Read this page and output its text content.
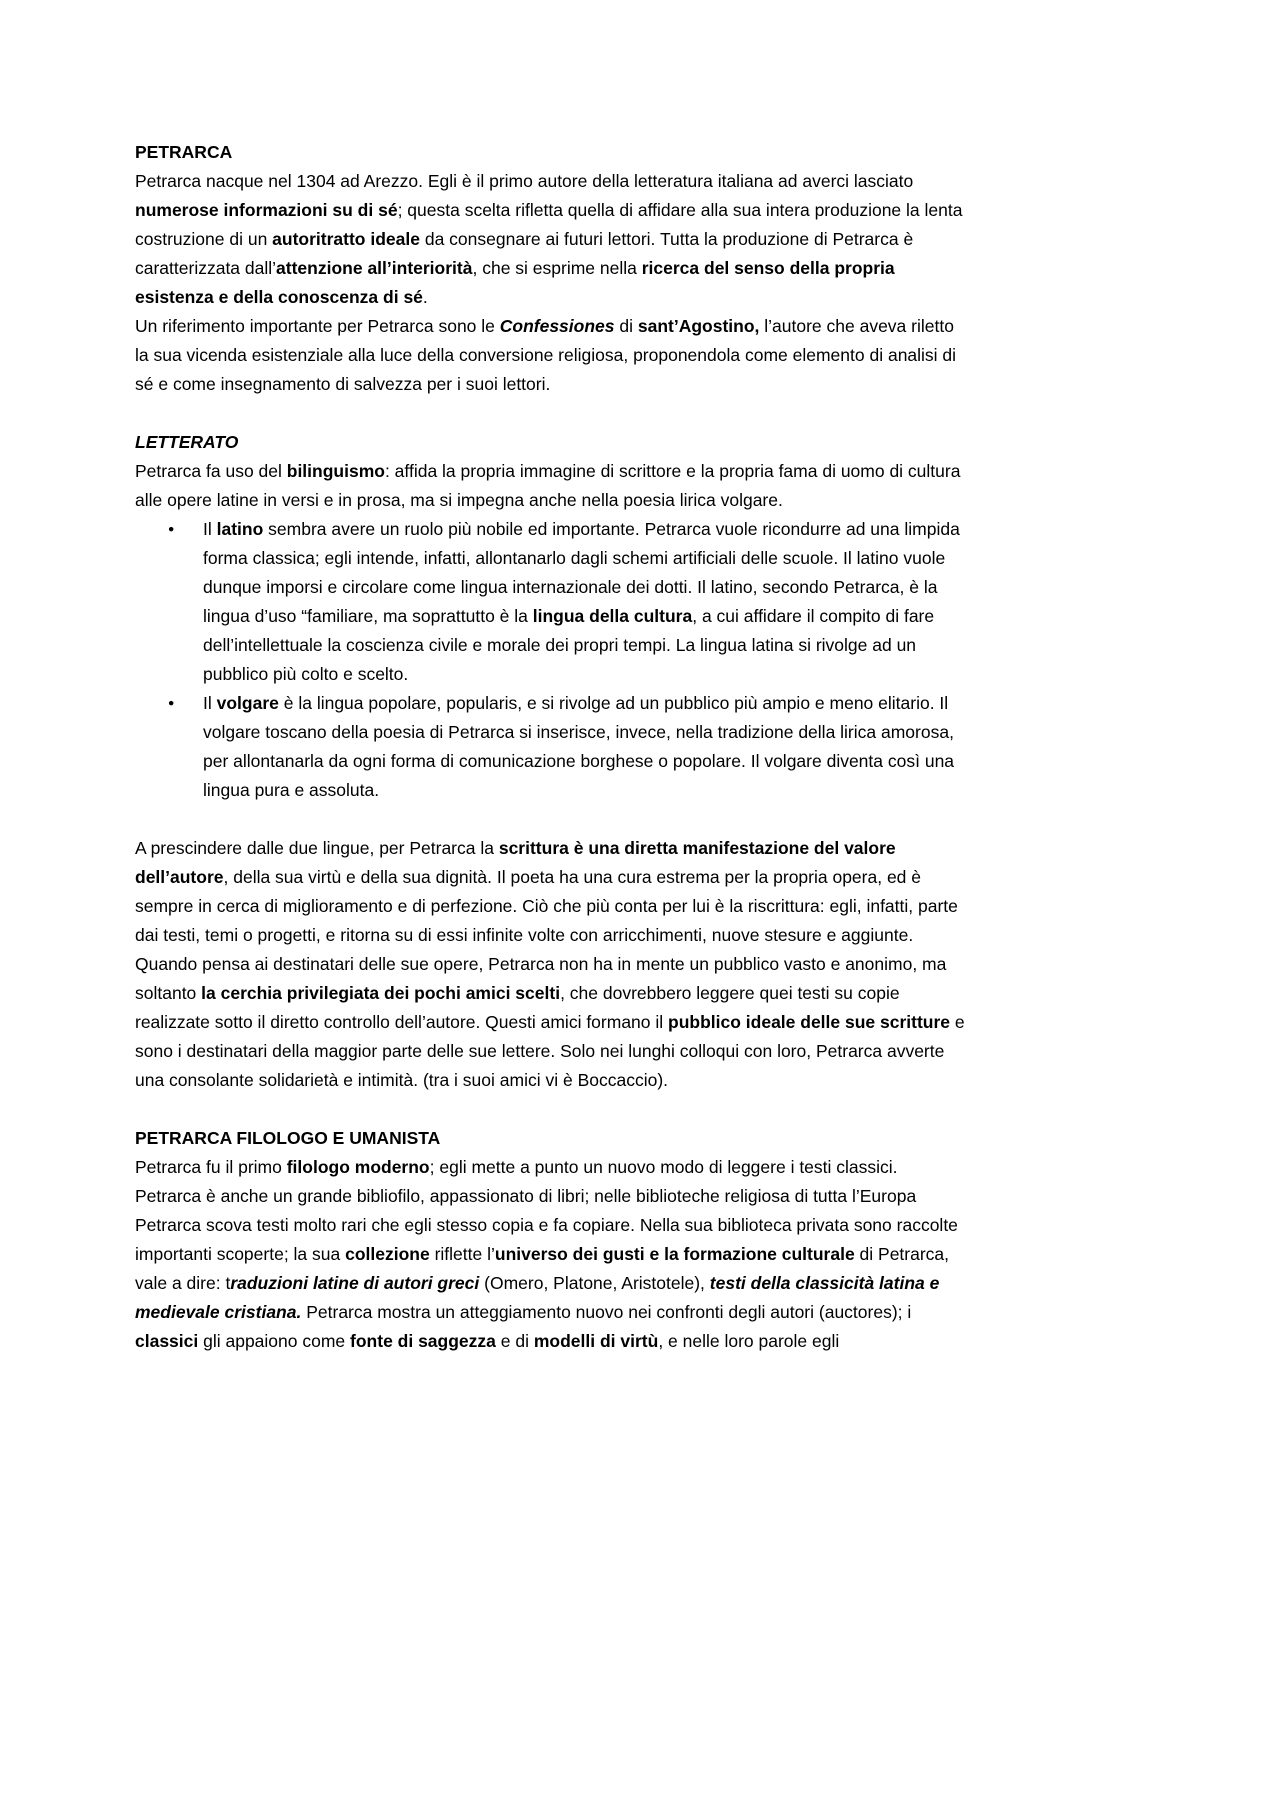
PETRARCA
Petrarca nacque nel 1304 ad Arezzo. Egli è il primo autore della letteratura italiana ad averci lasciato numerose informazioni su di sé; questa scelta rifletta quella di affidare alla sua intera produzione la lenta costruzione di un autoritratto ideale da consegnare ai futuri lettori. Tutta la produzione di Petrarca è caratterizzata dall’attenzione all’interiorità, che si esprime nella ricerca del senso della propria esistenza e della conoscenza di sé.
Un riferimento importante per Petrarca sono le Confessiones di sant’Agostino, l’autore che aveva riletto la sua vicenda esistenziale alla luce della conversione religiosa, proponendola come elemento di analisi di sé e come insegnamento di salvezza per i suoi lettori.
LETTERATO
Petrarca fa uso del bilinguismo: affida la propria immagine di scrittore e la propria fama di uomo di cultura alle opere latine in versi e in prosa, ma si impegna anche nella poesia lirica volgare.
●	Il latino sembra avere un ruolo più nobile ed importante. Petrarca vuole ricondurre ad una limpida forma classica; egli intende, infatti, allontanarlo dagli schemi artificiali delle scuole. Il latino vuole dunque imporsi e circolare come lingua internazionale dei dotti. Il latino, secondo Petrarca, è la lingua d’uso “familiare, ma soprattutto è la lingua della cultura, a cui affidare il compito di fare dell’intellettuale la coscienza civile e morale dei propri tempi. La lingua latina si rivolge ad un pubblico più colto e scelto.
●	Il volgare è la lingua popolare, popularis, e si rivolge ad un pubblico più ampio e meno elitario. Il volgare toscano della poesia di Petrarca si inserisce, invece, nella tradizione della lirica amorosa, per allontanarla da ogni forma di comunicazione borghese o popolare. Il volgare diventa così una lingua pura e assoluta.
A prescindere dalle due lingue, per Petrarca la scrittura è una diretta manifestazione del valore dell’autore, della sua virtù e della sua dignità. Il poeta ha una cura estrema per la propria opera, ed è sempre in cerca di miglioramento e di perfezione. Ciò che più conta per lui è la riscrittura: egli, infatti, parte dai testi, temi o progetti, e ritorna su di essi infinite volte con arricchimenti, nuove stesure e aggiunte. Quando pensa ai destinatari delle sue opere, Petrarca non ha in mente un pubblico vasto e anonimo, ma soltanto la cerchia privilegiata dei pochi amici scelti, che dovrebbero leggere quei testi su copie realizzate sotto il diretto controllo dell’autore. Questi amici formano il pubblico ideale delle sue scritture e sono i destinatari della maggior parte delle sue lettere. Solo nei lunghi colloqui con loro, Petrarca avverte una consolante solidarietà e intimità. (tra i suoi amici vi è Boccaccio).
PETRARCA FILOLOGO E UMANISTA
Petrarca fu il primo filologo moderno; egli mette a punto un nuovo modo di leggere i testi classici. Petrarca è anche un grande bibliofilo, appassionato di libri; nelle biblioteche religiosa di tutta l’Europa Petrarca scova testi molto rari che egli stesso copia e fa copiare. Nella sua biblioteca privata sono raccolte importanti scoperte; la sua collezione riflette l’universo dei gusti e la formazione culturale di Petrarca, vale a dire: traduzioni latine di autori greci (Omero, Platone, Aristotele), testi della classicità latina e medievale cristiana. Petrarca mostra un atteggiamento nuovo nei confronti degli autori (auctores); i classici gli appaiono come fonte di saggezza e di modelli di virtù, e nelle loro parole egli
